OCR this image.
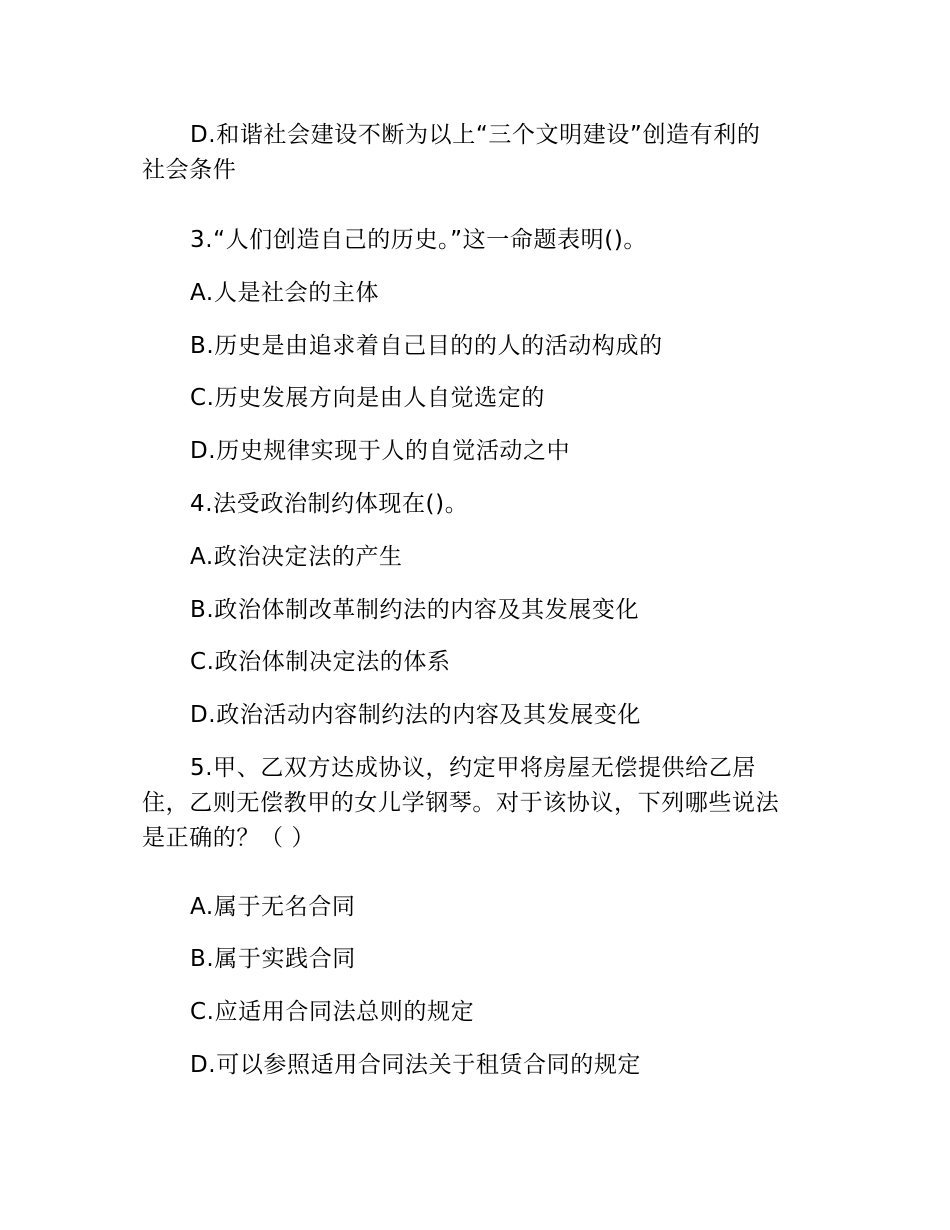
D.和谐社会建设不断为以上“三个文明建设”创造有利的
社会条件
3.“人们创造自己的历史。”这一命题表明()。
A.人是社会的主体
B.历史是由追求着自己目的的人的活动构成的
C.历史发展方向是由人自觉选定的
D.历史规律实现于人的自觉活动之中
4.法受政治制约体现在()。
A.政治决定法的产生
B.政治体制改革制约法的内容及其发展变化
C.政治体制决定法的体系
D.政治活动内容制约法的内容及其发展变化
5.甲、乙双方达成协议，约定甲将房屋无偿提供给乙居
住，乙则无偿教甲的女儿学钢琴。对于该协议，下列哪些说法
是正确的？（ ）
A.属于无名合同
B.属于实践合同
C.应适用合同法总则的规定
D.可以参照适用合同法关于租赁合同的规定
